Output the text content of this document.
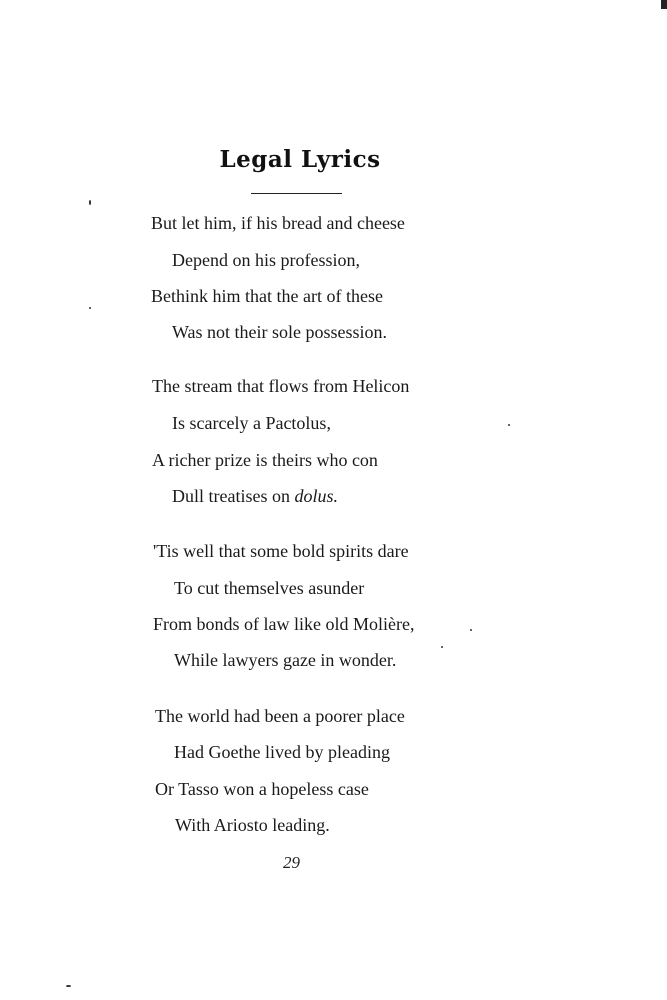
Legal Lyrics
But let him, if his bread and cheese
Depend on his profession,
Bethink him that the art of these
Was not their sole possession.
The stream that flows from Helicon
Is scarcely a Pactolus,
A richer prize is theirs who con
Dull treatises on dolus.
'Tis well that some bold spirits dare
To cut themselves asunder
From bonds of law like old Molière,
While lawyers gaze in wonder.
The world had been a poorer place
Had Goethe lived by pleading
Or Tasso won a hopeless case
With Ariosto leading.
29
